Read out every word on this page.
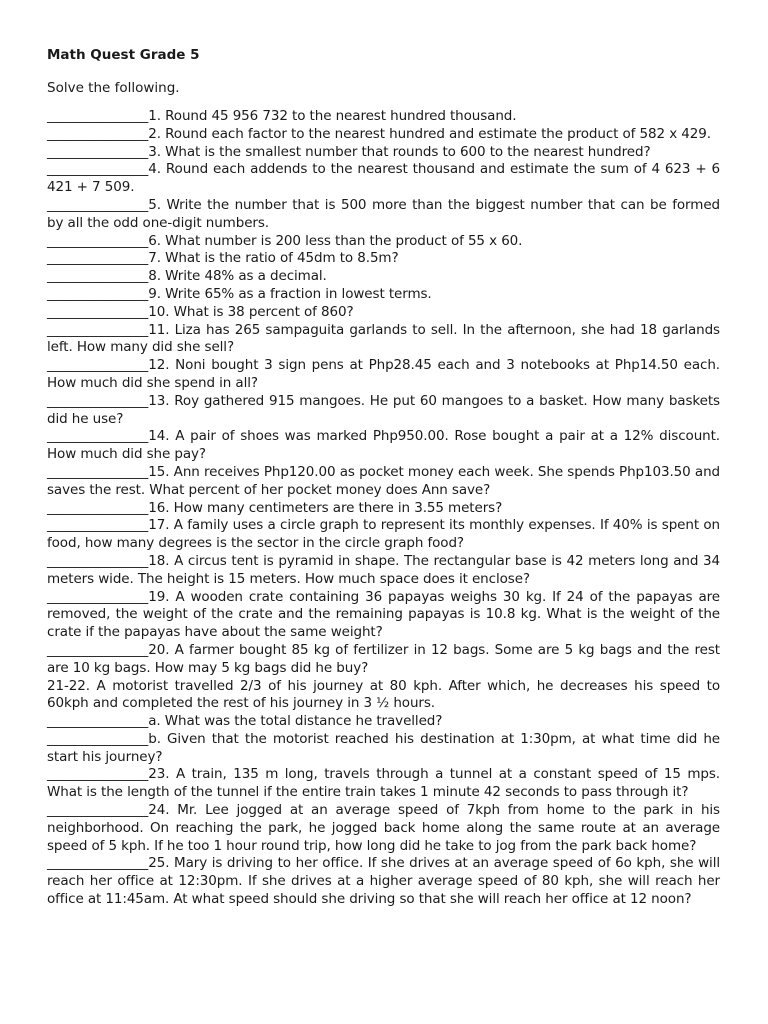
Math Quest Grade 5

Solve the following.

_______________1. Round 45 956 732 to the nearest hundred thousand.

_______________2. Round each factor to the nearest hundred and estimate the product of 582 x 429.

_______________3. What is the smallest number that rounds to 600 to the nearest hundred?

_______________4. Round each addends to the nearest thousand and estimate the sum of 4 623 + 6 421 + 7 509.

_______________5. Write the number that is 500 more than the biggest number that can be formed by all the odd one-digit numbers.

_______________6. What number is 200 less than the product of 55 x 60.

_______________7. What is the ratio of 45dm to 8.5m?

_______________8. Write 48% as a decimal.

_______________9. Write 65% as a fraction in lowest terms.

_______________10. What is 38 percent of 860?

_______________11. Liza has 265 sampaguita garlands to sell. In the afternoon, she had 18 garlands left. How many did she sell?

_______________12. Noni bought 3 sign pens at Php28.45 each and 3 notebooks at Php14.50 each. How much did she spend in all?

_______________13. Roy gathered 915 mangoes. He put 60 mangoes to a basket. How many baskets did he use?

_______________14. A pair of shoes was marked Php950.00. Rose bought a pair at a 12% discount. How much did she pay?

_______________15. Ann receives Php120.00 as pocket money each week. She spends Php103.50 and saves the rest. What percent of her pocket money does Ann save?

_______________16. How many centimeters are there in 3.55 meters?

_______________17. A family uses a circle graph to represent its monthly expenses. If 40% is spent on food, how many degrees is the sector in the circle graph food?

_______________18. A circus tent is pyramid in shape. The rectangular base is 42 meters long and 34 meters wide. The height is 15 meters. How much space does it enclose?

_______________19. A wooden crate containing 36 papayas weighs 30 kg. If 24 of the papayas are removed, the weight of the crate and the remaining papayas is 10.8 kg. What is the weight of the crate if the papayas have about the same weight?

_______________20. A farmer bought 85 kg of fertilizer in 12 bags. Some are 5 kg bags and the rest are 10 kg bags. How may 5 kg bags did he buy?

21-22. A motorist travelled 2/3 of his journey at 80 kph. After which, he decreases his speed to 60kph and completed the rest of his journey in 3 ½ hours.

_______________a. What was the total distance he travelled?

_______________b. Given that the motorist reached his destination at 1:30pm, at what time did he start his journey?

_______________23. A train, 135 m long, travels through a tunnel at a constant speed of 15 mps. What is the length of the tunnel if the entire train takes 1 minute 42 seconds to pass through it?

_______________24. Mr. Lee jogged at an average speed of 7kph from home to the park in his neighborhood. On reaching the park, he jogged back home along the same route at an average speed of 5 kph. If he too 1 hour round trip, how long did he take to jog from the park back home?

_______________25. Mary is driving to her office. If she drives at an average speed of 6o kph, she will reach her office at 12:30pm. If she drives at a higher average speed of 80 kph, she will reach her office at 11:45am. At what speed should she driving so that she will reach her office at 12 noon?
